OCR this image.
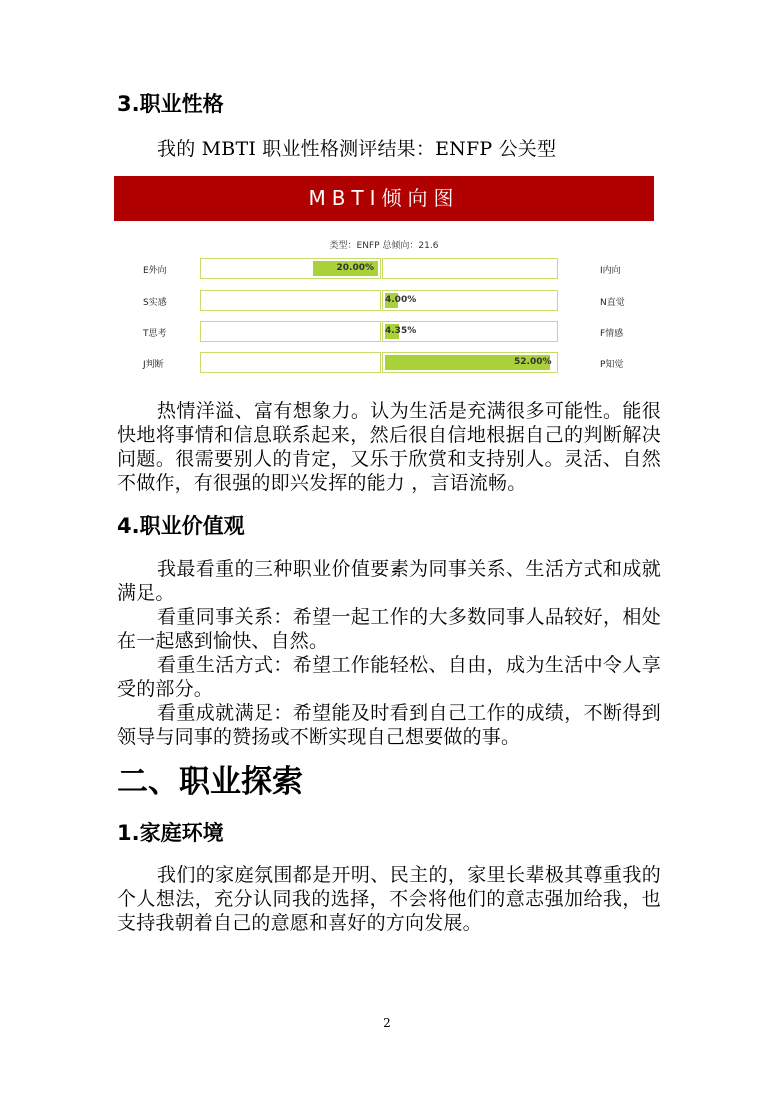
3.职业性格

我的 MBTI 职业性格测评结果：ENFP 公关型

MBTI倾向图
类型：ENFP 总倾向：21.6
E外向	I内向
20.00%
S实感	N直觉
4.00%
T思考	F情感
4.35%
J判断	P知觉
52.00%

热情洋溢、富有想象力。认为生活是充满很多可能性。能很快地将事情和信息联系起来，然后很自信地根据自己的判断解决问题。很需要别人的肯定，又乐于欣赏和支持别人。灵活、自然不做作，有很强的即兴发挥的能力 ，言语流畅。

4.职业价值观

我最看重的三种职业价值要素为同事关系、生活方式和成就满足。

看重同事关系：希望一起工作的大多数同事人品较好，相处在一起感到愉快、自然。

看重生活方式：希望工作能轻松、自由，成为生活中令人享受的部分。

看重成就满足：希望能及时看到自己工作的成绩，不断得到领导与同事的赞扬或不断实现自己想要做的事。

二、职业探索
1.家庭环境

我们的家庭氛围都是开明、民主的，家里长辈极其尊重我的个人想法，充分认同我的选择，不会将他们的意志强加给我，也支持我朝着自己的意愿和喜好的方向发展。

2
